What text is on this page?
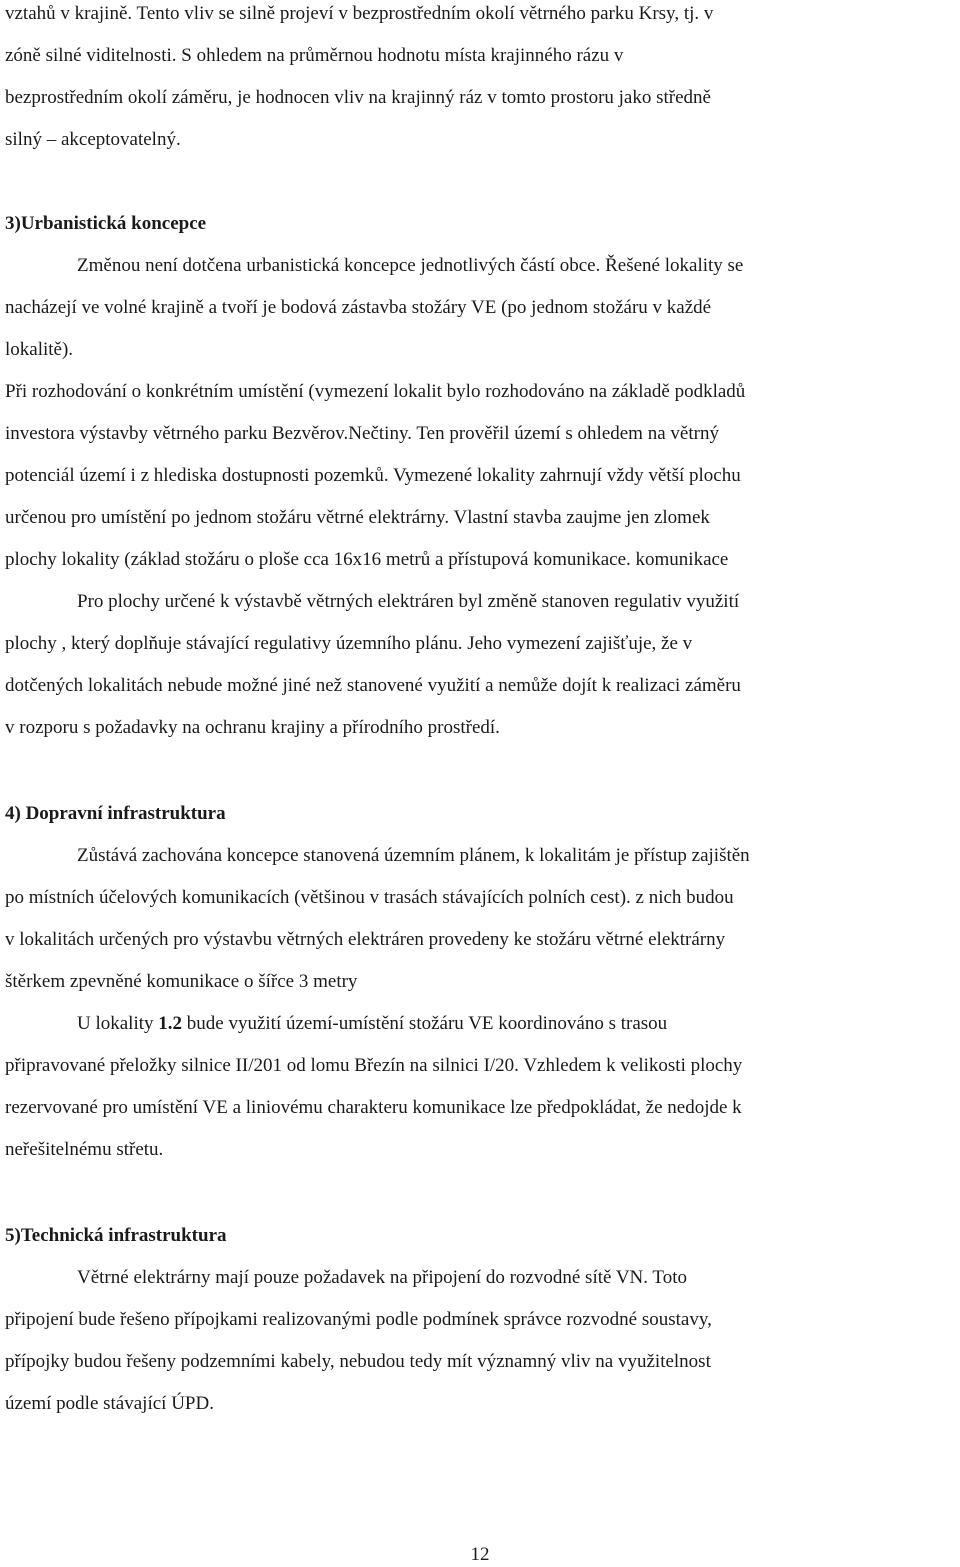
vztahů v krajině. Tento vliv se silně projeví v bezprostředním okolí větrného parku Krsy, tj. v
zóně silné viditelnosti. S ohledem na průměrnou hodnotu místa krajinného rázu v
bezprostředním okolí záměru, je hodnocen vliv na krajinný ráz v tomto prostoru jako středně
silný – akceptovatelný.
3)Urbanistická koncepce
Změnou není dotčena urbanistická koncepce jednotlivých částí obce. Řešené lokality se
nacházejí ve volné krajině a tvoří je bodová zástavba stožáry VE (po jednom stožáru v každé
lokalitě).
Při rozhodování o konkrétním umístění (vymezení lokalit bylo rozhodováno na základě podkladů
investora výstavby větrného parku Bezvěrov.Nečtiny. Ten prověřil území s ohledem na větrný
potenciál území i z hlediska dostupnosti pozemků. Vymezené lokality zahrnují vždy větší plochu
určenou pro umístění po jednom stožáru větrné elektrárny. Vlastní stavba zaujme jen zlomek
plochy lokality (základ stožáru o ploše cca 16x16 metrů a přístupová komunikace. komunikace
Pro plochy určené k výstavbě větrných elektráren byl změně stanoven regulativ využití
plochy , který doplňuje stávající regulativy územního plánu. Jeho vymezení zajišťuje, že v
dotčených lokalitách nebude možné jiné než stanovené využití a nemůže dojít k realizaci záměru
v rozporu s požadavky na ochranu krajiny a přírodního prostředí.
4) Dopravní infrastruktura
Zůstává zachována koncepce stanovená územním plánem, k lokalitám je přístup zajištěn
po místních účelových komunikacích (většinou v trasách stávajících polních cest). z nich budou
v lokalitách určených pro výstavbu větrných elektráren provedeny ke stožáru větrné elektrárny
štěrkem zpevněné komunikace o šířce 3 metry
U lokality 1.2 bude využití území-umístění stožáru VE koordinováno s trasou
připravované přeložky silnice II/201 od lomu Březín na silnici I/20. Vzhledem k velikosti plochy
rezervované pro umístění VE a liniovému charakteru komunikace lze předpokládat, že nedojde k
neřešitelnému střetu.
5)Technická infrastruktura
Větrné elektrárny mají pouze požadavek na připojení do rozvodné sítě VN. Toto
připojení bude řešeno přípojkami realizovanými podle podmínek správce rozvodné soustavy,
přípojky budou řešeny podzemními kabely, nebudou tedy mít významný vliv na využitelnost
území podle stávající ÚPD.
12
